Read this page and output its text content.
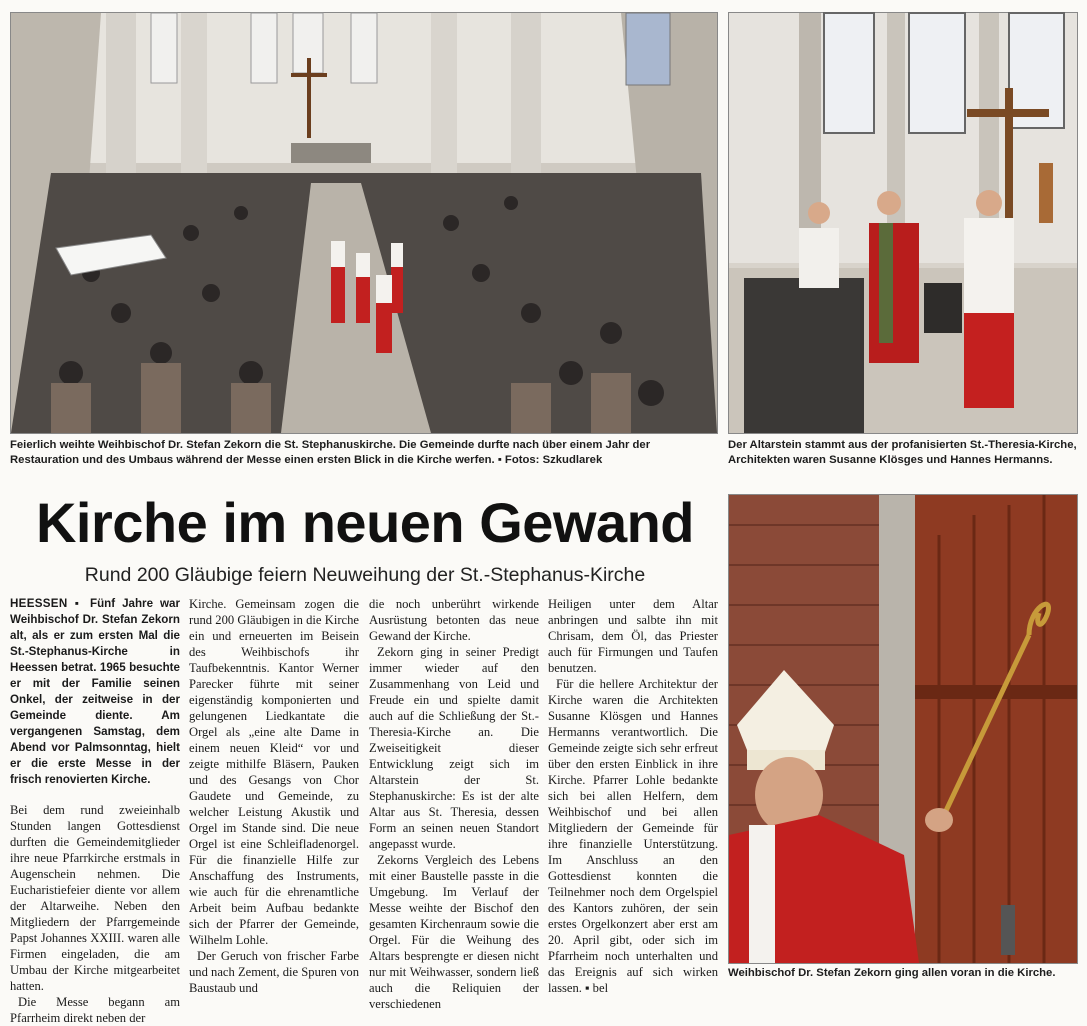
Feierlich weihte Weihbischof Dr. Stefan Zekorn die St. Stephanuskirche. Die Gemeinde durfte nach über einem Jahr der Restauration und des Umbaus während der Messe einen ersten Blick in die Kirche werfen. ▪ Fotos: Szkudlarek
Der Altarstein stammt aus der profanisierten St.-Theresia-Kirche, Architekten waren Susanne Klösges und Hannes Hermanns.
Weihbischof Dr. Stefan Zekorn ging allen voran in die Kirche.
Kirche im neuen Gewand
Rund 200 Gläubige feiern Neuweihung der St.-Stephanus-Kirche

HEESSEN ▪ Fünf Jahre war Weihbischof Dr. Stefan Zekorn alt, als er zum ersten Mal die St.-Stephanus-Kirche in Heessen betrat. 1965 besuchte er mit der Familie seinen Onkel, der zeitweise in der Gemeinde diente. Am vergangenen Samstag, dem Abend vor Palmsonntag, hielt er die erste Messe in der frisch renovierten Kirche.

Bei dem rund zweieinhalb Stunden langen Gottesdienst durften die Gemeindemitglieder ihre neue Pfarrkirche erstmals in Augenschein nehmen. Die Eucharistiefeier diente vor allem der Altarweihe. Neben den Mitgliedern der Pfarrgemeinde Papst Johannes XXIII. waren alle Firmen eingeladen, die am Umbau der Kirche mitgearbeitet hatten.

Die Messe begann am Pfarrheim direkt neben der

Kirche. Gemeinsam zogen die rund 200 Gläubigen in die Kirche ein und erneuerten im Beisein des Weihbischofs ihr Taufbekenntnis. Kantor Werner Parecker führte mit seiner eigenständig komponierten und gelungenen Liedkantate die Orgel als „eine alte Dame in einem neuen Kleid“ vor und zeigte mithilfe Bläsern, Pauken und des Gesangs von Chor Gaudete und Gemeinde, zu welcher Leistung Akustik und Orgel im Stande sind. Die neue Orgel ist eine Schleifladenorgel. Für die finanzielle Hilfe zur Anschaffung des Instruments, wie auch für die ehrenamtliche Arbeit beim Aufbau bedankte sich der Pfarrer der Gemeinde, Wilhelm Lohle.

Der Geruch von frischer Farbe und nach Zement, die Spuren von Baustaub und

die noch unberührt wirkende Ausrüstung betonten das neue Gewand der Kirche.

Zekorn ging in seiner Predigt immer wieder auf den Zusammenhang von Leid und Freude ein und spielte damit auch auf die Schließung der St.-Theresia-Kirche an. Die Zweiseitigkeit dieser Entwicklung zeigt sich im Altarstein der St. Stephanuskirche: Es ist der alte Altar aus St. Theresia, dessen Form an seinen neuen Standort angepasst wurde.

Zekorns Vergleich des Lebens mit einer Baustelle passte in die Umgebung. Im Verlauf der Messe weihte der Bischof den gesamten Kirchenraum sowie die Orgel. Für die Weihung des Altars besprengte er diesen nicht nur mit Weihwasser, sondern ließ auch die Reliquien der verschiedenen

Heiligen unter dem Altar anbringen und salbte ihn mit Chrisam, dem Öl, das Priester auch für Firmungen und Taufen benutzen.

Für die hellere Architektur der Kirche waren die Architekten Susanne Klösgen und Hannes Hermanns verantwortlich. Die Gemeinde zeigte sich sehr erfreut über den ersten Einblick in ihre Kirche. Pfarrer Lohle bedankte sich bei allen Helfern, dem Weihbischof und bei allen Mitgliedern der Gemeinde für ihre finanzielle Unterstützung. Im Anschluss an den Gottesdienst konnten die Teilnehmer noch dem Orgelspiel des Kantors zuhören, der sein erstes Orgelkonzert aber erst am 20. April gibt, oder sich im Pfarrheim noch unterhalten und das Ereignis auf sich wirken lassen. ▪ bel
